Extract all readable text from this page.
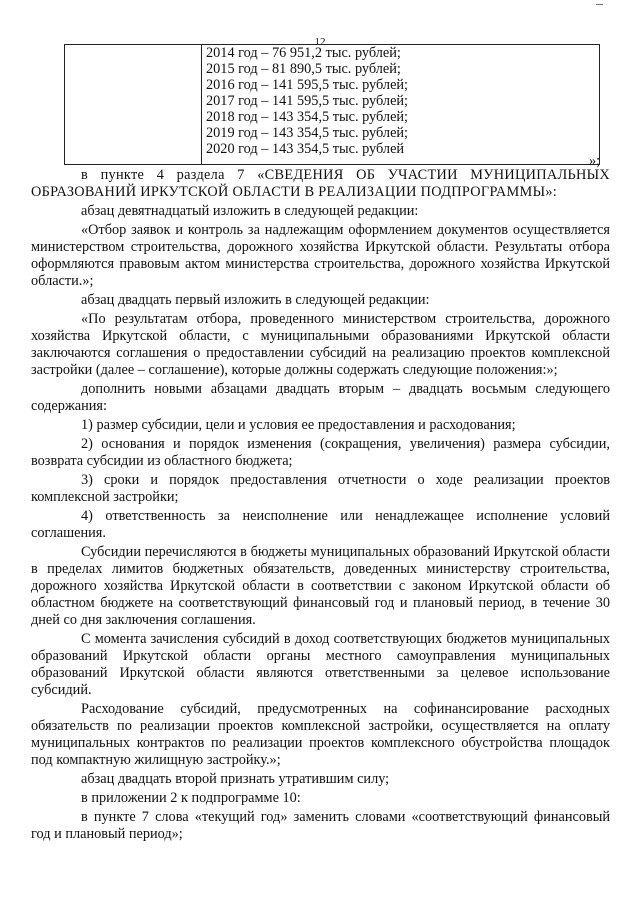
12

2014 год – 76 951,2 тыс. рублей;
2015 год – 81 890,5 тыс. рублей;
2016 год – 141 595,5 тыс. рублей;
2017 год – 141 595,5 тыс. рублей;
2018 год – 143 354,5 тыс. рублей;
2019 год – 143 354,5 тыс. рублей;
2020 год – 143 354,5 тыс. рублей
»;

в пункте 4 раздела 7 «СВЕДЕНИЯ ОБ УЧАСТИИ МУНИЦИПАЛЬНЫХ ОБРАЗОВАНИЙ ИРКУТСКОЙ ОБЛАСТИ В РЕАЛИЗАЦИИ ПОДПРОГРАММЫ»:

абзац девятнадцатый изложить в следующей редакции:

«Отбор заявок и контроль за надлежащим оформлением документов осуществляется министерством строительства, дорожного хозяйства Иркутской области. Результаты отбора оформляются правовым актом министерства строительства, дорожного хозяйства Иркутской области.»;

абзац двадцать первый изложить в следующей редакции:

«По результатам отбора, проведенного министерством строительства, дорожного хозяйства Иркутской области, с муниципальными образованиями Иркутской области заключаются соглашения о предоставлении субсидий на реализацию проектов комплексной застройки (далее – соглашение), которые должны содержать следующие положения:»;

дополнить новыми абзацами двадцать вторым – двадцать восьмым следующего содержания:

1) размер субсидии, цели и условия ее предоставления и расходования;

2) основания и порядок изменения (сокращения, увеличения) размера субсидии, возврата субсидии из областного бюджета;

3) сроки и порядок предоставления отчетности о ходе реализации проектов комплексной застройки;

4) ответственность за неисполнение или ненадлежащее исполнение условий соглашения.

Субсидии перечисляются в бюджеты муниципальных образований Иркутской области в пределах лимитов бюджетных обязательств, доведенных министерству строительства, дорожного хозяйства Иркутской области в соответствии с законом Иркутской области об областном бюджете на соответствующий финансовый год и плановый период, в течение 30 дней со дня заключения соглашения.

С момента зачисления субсидий в доход соответствующих бюджетов муниципальных образований Иркутской области органы местного самоуправления муниципальных образований Иркутской области являются ответственными за целевое использование субсидий.

Расходование субсидий, предусмотренных на софинансирование расходных обязательств по реализации проектов комплексной застройки, осуществляется на оплату муниципальных контрактов по реализации проектов комплексного обустройства площадок под компактную жилищную застройку.»;

абзац двадцать второй признать утратившим силу;

в приложении 2 к подпрограмме 10:

в пункте 7 слова «текущий год» заменить словами «соответствующий финансовый год и плановый период»;
